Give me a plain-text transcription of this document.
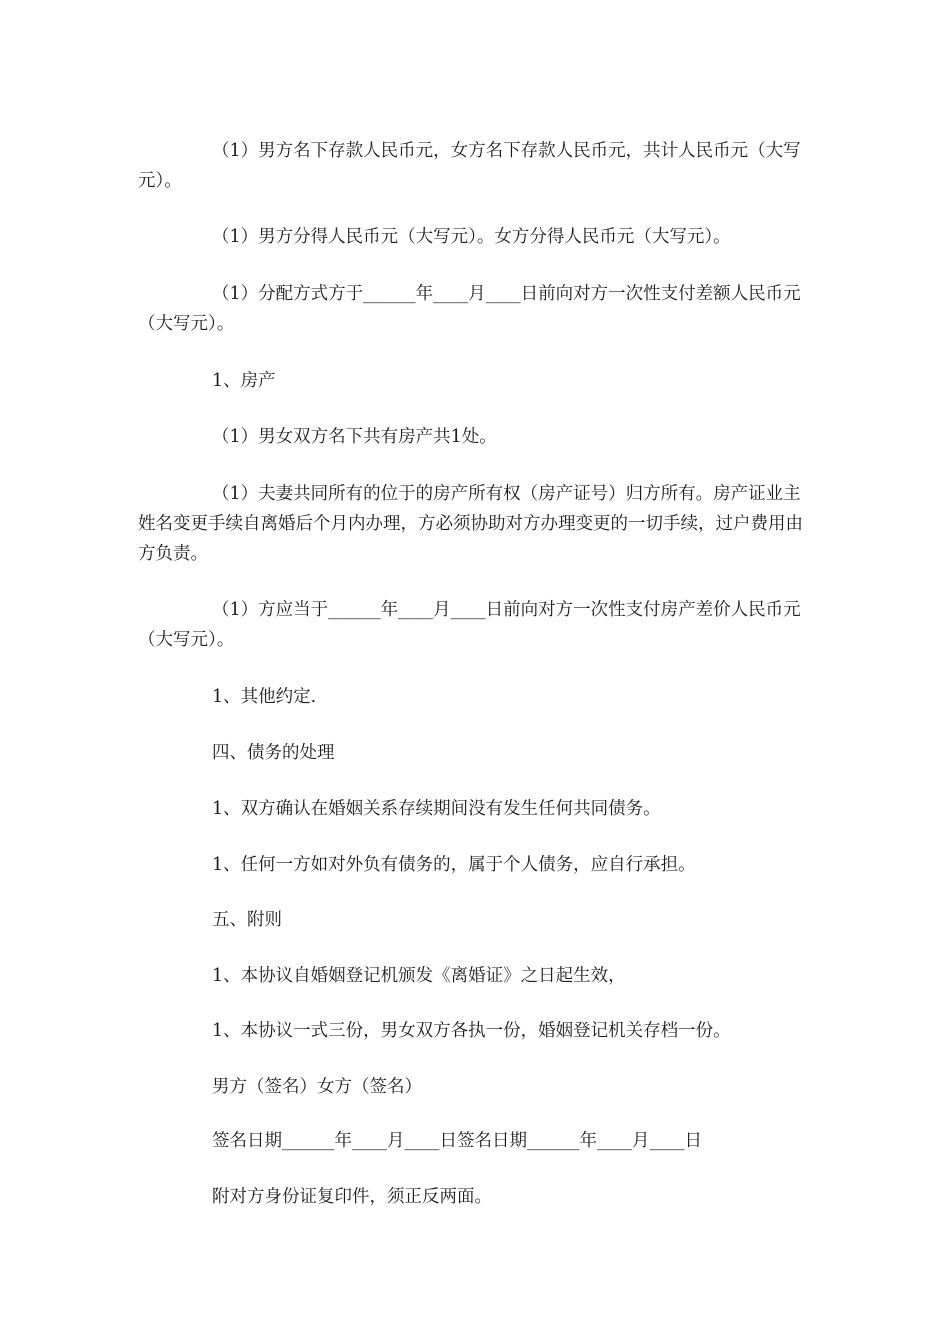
（1）男方名下存款人民币元，女方名下存款人民币元，共计人民币元（大写元）。

（1）男方分得人民币元（大写元）。女方分得人民币元（大写元）。

（1）分配方式方于______年____月____日前向对方一次性支付差额人民币元（大写元）。

1、房产

（1）男女双方名下共有房产共1处。

（1）夫妻共同所有的位于的房产所有权（房产证号）归方所有。房产证业主姓名变更手续自离婚后个月内办理，方必须协助对方办理变更的一切手续，过户费用由方负责。

（1）方应当于______年____月____日前向对方一次性支付房产差价人民币元（大写元）。

1、其他约定.

四、债务的处理

1、双方确认在婚姻关系存续期间没有发生任何共同债务。

1、任何一方如对外负有债务的，属于个人债务，应自行承担。

五、附则

1、本协议自婚姻登记机颁发《离婚证》之日起生效，

1、本协议一式三份，男女双方各执一份，婚姻登记机关存档一份。

男方（签名）女方（签名）

签名日期______年____月____日签名日期______年____月____日

附对方身份证复印件，须正反两面。
